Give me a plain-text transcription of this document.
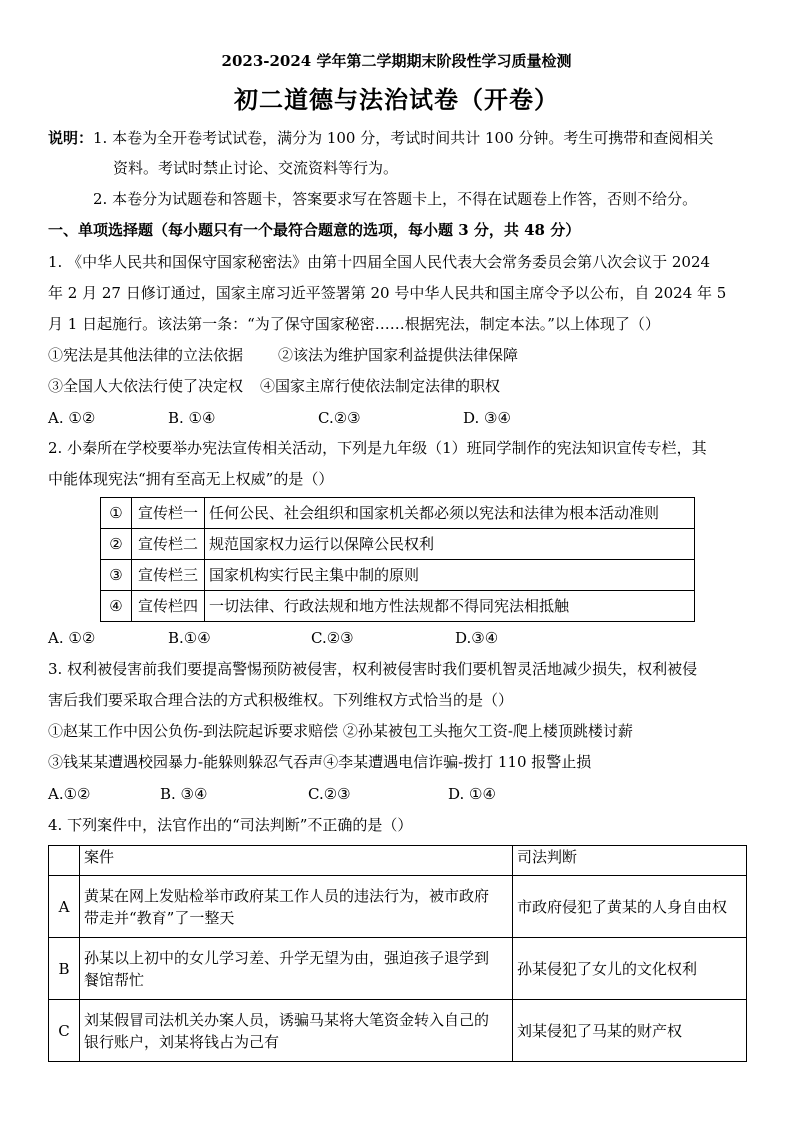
2023-2024 学年第二学期期末阶段性学习质量检测
初二道德与法治试卷（开卷）
说明： 1. 本卷为全开卷考试试卷，满分为 100 分，考试时间共计 100 分钟。考生可携带和查阅相关
资料。考试时禁止讨论、交流资料等行为。
2. 本卷分为试题卷和答题卡，答案要求写在答题卡上，不得在试题卷上作答，否则不给分。
一、单项选择题（每小题只有一个最符合题意的选项，每小题 3 分，共 48 分）
1. 《中华人民共和国保守国家秘密法》由第十四届全国人民代表大会常务委员会第八次会议于 2024
年 2 月 27 日修订通过，国家主席习近平签署第 20 号中华人民共和国主席令予以公布，自 2024 年 5
月 1 日起施行。该法第一条：“为了保守国家秘密……根据宪法，制定本法。”以上体现了（）
①宪法是其他法律的立法依据 ②该法为维护国家利益提供法律保障
③全国人大依法行使了决定权 ④国家主席行使依法制定法律的职权
A. ①②	B. ①④	C.②③	D. ③④
2. 小秦所在学校要举办宪法宣传相关活动，下列是九年级（1）班同学制作的宪法知识宣传专栏，其
中能体现宪法“拥有至高无上权威”的是（）
①	宣传栏一	任何公民、社会组织和国家机关都必须以宪法和法律为根本活动准则
②	宣传栏二	规范国家权力运行以保障公民权利
③	宣传栏三	国家机构实行民主集中制的原则
④	宣传栏四	一切法律、行政法规和地方性法规都不得同宪法相抵触
A. ①②	B.①④	C.②③	D.③④
3. 权利被侵害前我们要提高警惕预防被侵害，权利被侵害时我们要机智灵活地减少损失，权利被侵
害后我们要采取合理合法的方式积极维权。下列维权方式恰当的是（）
①赵某工作中因公负伤-到法院起诉要求赔偿 ②孙某被包工头拖欠工资-爬上楼顶跳楼讨薪
③钱某某遭遇校园暴力-能躲则躲忍气吞声④李某遭遇电信诈骗-拨打 110 报警止损
A.①②	B. ③④	C.②③	D. ①④
4. 下列案件中，法官作出的“司法判断”不正确的是（）
	案件	司法判断
A	黄某在网上发贴检举市政府某工作人员的违法行为，被市政府
带走并“教育”了一整天	市政府侵犯了黄某的人身自由权
B	孙某以上初中的女儿学习差、升学无望为由，强迫孩子退学到
餐馆帮忙	孙某侵犯了女儿的文化权利
C	刘某假冒司法机关办案人员，诱骗马某将大笔资金转入自己的
银行账户，刘某将钱占为己有	刘某侵犯了马某的财产权
